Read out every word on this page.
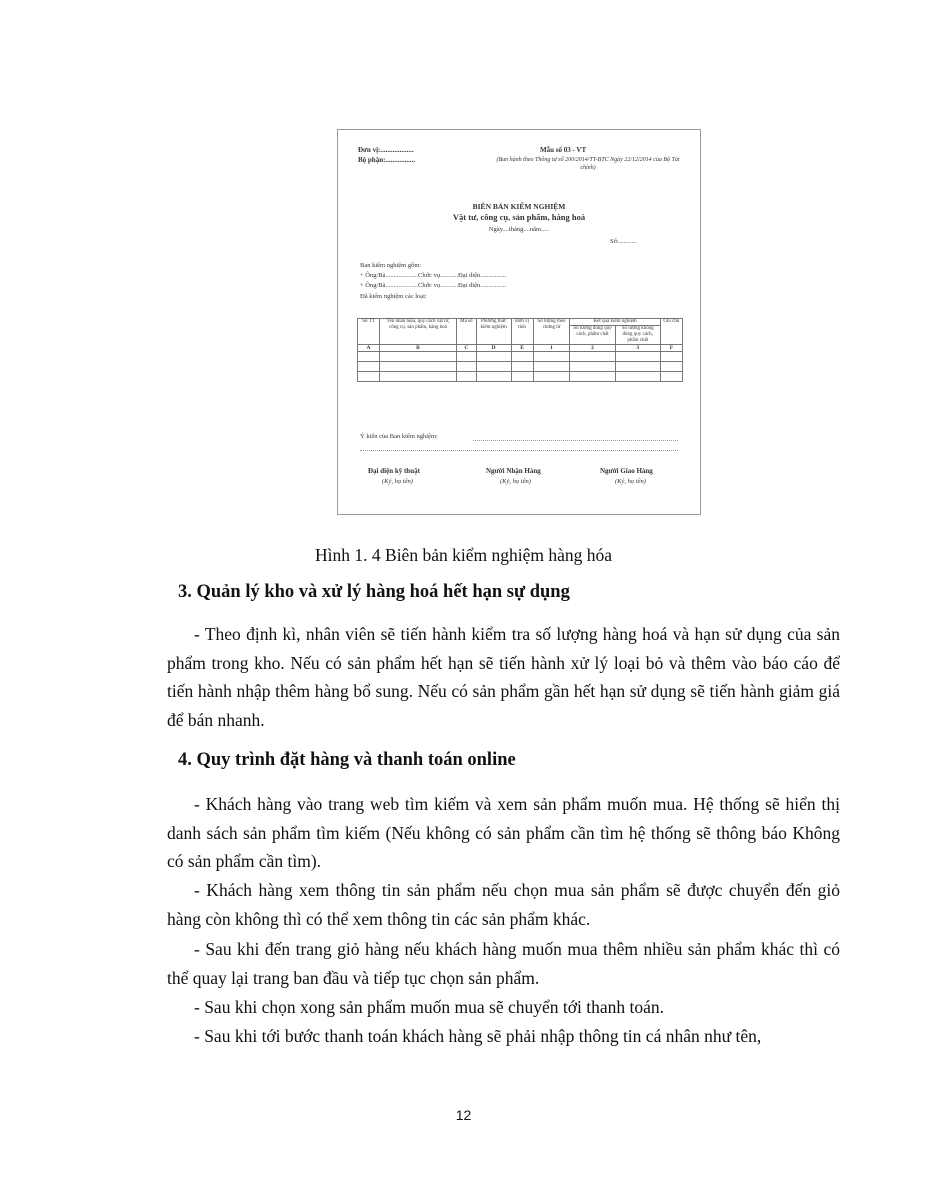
Đơn vị:...................
Bộ phận:.................
Mẫu số 03 - VT
(Ban hành theo Thông tư số 200/2014/TT-BTC Ngày 22/12/2014 của Bộ Tài chính)
BIÊN BẢN KIỂM NGHIỆM
Vật tư, công cụ, sản phẩm, hàng hoá
Ngày....tháng....năm.....
Số:...........
Ban kiểm nghiệm gồm:
+ Ông/Bà....................Chức vụ...........Đại diện................
+ Ông/Bà....................Chức vụ...........Đại diện................
Đã kiểm nghiệm các loại:
Số TT	Tên nhãn hiệu, quy cách vật tư, công cụ, sản phẩm, hàng hoá	Mã số	Phương thức kiểm nghiệm	Đơn vị tính	Số lượng theo chứng từ	Kết quả kiểm nghiệm		Ghi chú
						Số lượng đúng quy cách, phẩm chất	Số lượng không đúng quy cách, phẩm chất	
A	B	C	D	E	1	2	3	F

Ý kiến của Ban kiểm nghiệm:
Đại diện kỹ thuật
(Ký, họ tên)
Người Nhận Hàng
(Ký, họ tên)
Người Giao Hàng
(Ký, họ tên)
Hình 1. 4 Biên bản kiểm nghiệm hàng hóa
3. Quản lý kho và xử lý hàng hoá hết hạn sự dụng
- Theo định kì, nhân viên sẽ tiến hành kiểm tra số lượng hàng hoá và hạn sử dụng của sản phẩm trong kho. Nếu có sản phẩm hết hạn sẽ tiến hành xử lý loại bỏ và thêm vào báo cáo để tiến hành nhập thêm hàng bổ sung. Nếu có sản phẩm gần hết hạn sử dụng sẽ tiến hành giảm giá để bán nhanh.
4. Quy trình đặt hàng và thanh toán online
- Khách hàng vào trang web tìm kiếm và xem sản phẩm muốn mua. Hệ thống sẽ hiển thị danh sách sản phẩm tìm kiếm (Nếu không có sản phẩm cần tìm hệ thống sẽ thông báo Không có sản phẩm cần tìm).
- Khách hàng xem thông tin sản phẩm nếu chọn mua sản phẩm sẽ được chuyển đến giỏ hàng còn không thì có thể xem thông tin các sản phẩm khác.
- Sau khi đến trang giỏ hàng nếu khách hàng muốn mua thêm nhiều sản phẩm khác thì có thể quay lại trang ban đầu và tiếp tục chọn sản phẩm.
- Sau khi chọn xong sản phẩm muốn mua sẽ chuyển tới thanh toán.
- Sau khi tới bước thanh toán khách hàng sẽ phải nhập thông tin cá nhân như tên,
12
